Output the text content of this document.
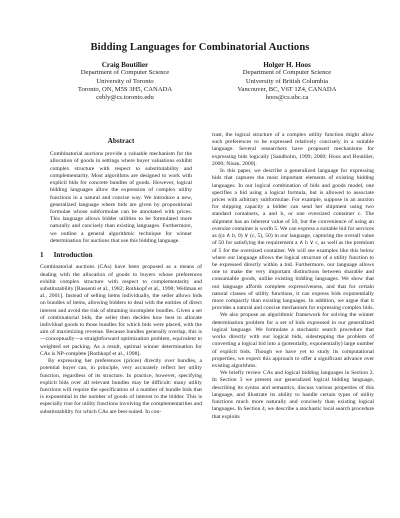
Bidding Languages for Combinatorial Auctions
Craig Boutilier
Department of Computer Science
University of Toronto
Toronto, ON, M5S 3H5, CANADA
cebly@cs.toronto.edu
Holger H. Hoos
Department of Computer Science
University of British Columbia
Vancouver, BC, V6T 1Z4, CANADA
hoos@cs.ubc.ca
Abstract

Combinatorial auctions provide a valuable mechanism for the allocation of goods in settings where buyer valuations exhibit complex structure with respect to substitutability and complementarity. Most algorithms are designed to work with explicit bids for concrete bundles of goods. However, logical bidding languages allow the expression of complex utility functions in a natural and concise way. We introduce a new, generalized language where bids are given by propositional formulae whose subformulae can be annotated with prices. This language allows bidder utilities to be formulated more naturally and concisely than existing languages. Furthermore, we outline a general algorithmic technique for winner determination for auctions that use this bidding language.

1 Introduction

Combinatorial auctions (CAs) have been proposed as a means of dealing with the allocation of goods to buyers whose preferences exhibit complex structure with respect to complementarity and substitutability [Rassenti et al., 1982; Rothkopf et al., 1998; Wellman et al., 2001]. Instead of selling items individually, the seller allows bids on bundles of items, allowing bidders to deal with the entities of direct interest and avoid the risk of obtaining incomplete bundles. Given a set of combinatorial bids, the seller then decides how best to allocate individual goods to those bundles for which bids were placed, with the aim of maximizing revenue. Because bundles generally overlap, this is—conceptually—a straightforward optimization problem, equivalent to weighted set packing. As a result, optimal winner determination for CAs is NP-complete [Rothkopf et al., 1998].

By expressing her preferences (prices) directly over bundles, a potential buyer can, in principle, very accurately reflect her utility function, regardless of its structure. In practice, however, specifying explicit bids over all relevant bundles may be difficult: many utility functions will require the specification of a number of bundle bids that is exponential in the number of goods of interest to the bidder. This is especially true for utility functions involving the complementarities and substitutability for which CAs are best-suited. In con-

trast, the logical structure of a complex utility function might allow such preferences to be expressed relatively concisely in a suitable language. Several researchers have proposed mechanisms for expressing bids logically [Sandholm, 1999; 2000; Hoos and Boutilier, 2000; Nisan, 2000].

In this paper, we describe a generalized language for expressing bids that captures the most important elements of existing bidding languages. In our logical combination of bids and goods model, one specifies a bid using a logical formula, but is allowed to associate prices with arbitrary subformulae. For example, suppose in an auction for shipping capacity a bidder can send her shipment using two standard containers, a and b, or one oversized container c. The shipment has an inherent value of 50, but the convenience of using an oversize container is worth 5. We can express a suitable bid for services as ((a ∧ b, 0) ∨ (c, 5), 50) in our language, capturing the overall value of 50 for satisfying the requirement a ∧ b ∨ c, as well as the premium of 5 for the oversized container. We will see examples like this below where our language allows the logical structure of a utility function to be expressed directly within a bid. Furthermore, our language allows one to make the very important distinctions between sharable and consumable goods, unlike existing bidding languages. We show that our language affords complete expressiveness, and that for certain natural classes of utility functions, it can express bids exponentially more compactly than existing languages. In addition, we argue that it provides a natural and concise mechanism for expressing complex bids.

We also propose an algorithmic framework for solving the winner determination problem for a set of bids expressed in our generalized logical language. We formulate a stochastic search procedure that works directly with our logical bids, sidestepping the problem of converting a logical bid into a (potentially, exponentially) large number of explicit bids. Though we have yet to study its computational properties, we expect this approach to offer a significant advance over existing algorithms.

We briefly review CAs and logical bidding languages in Section 2. In Section 3 we present our generalized logical bidding language, describing its syntax and semantics, discuss various properties of this language, and illustrate its ability to handle certain types of utility functions much more naturally and concisely than existing logical languages. In Section 4, we describe a stochastic local search procedure that exploits
